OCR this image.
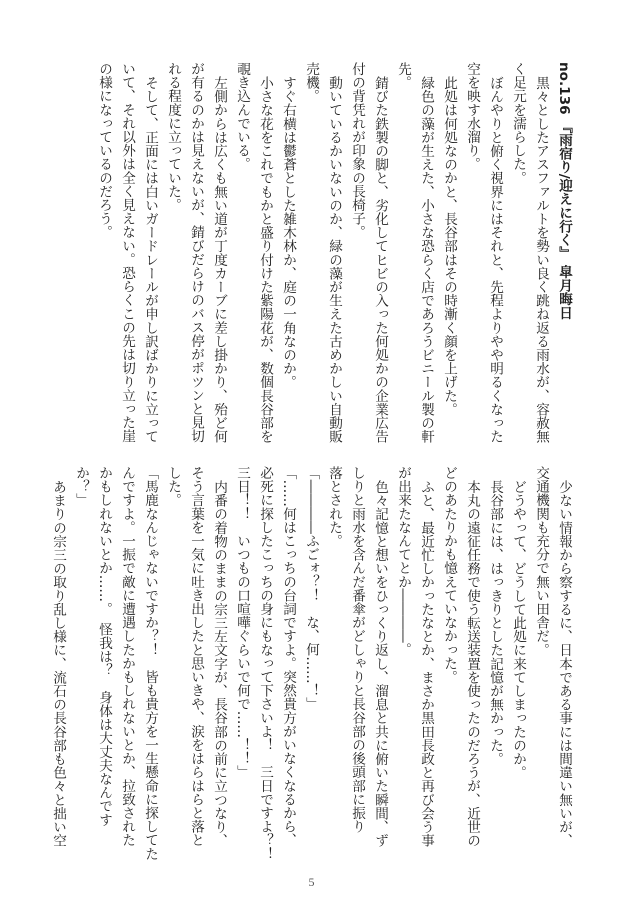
no.136 『雨宿り/迎えに行く』 皐月晦日
黒々としたアスファルトを勢い良く跳ね返る雨水が、容赦無
く足元を濡らした。
ぼんやりと俯く視界にはそれと、先程よりやや明るくなった
空を映す水溜り。
此処は何処なのかと、長谷部はその時漸く顔を上げた。
緑色の藻が生えた、小さな恐らく店であろうビニール製の軒
先。
錆びた鉄製の脚と、劣化してヒビの入った何処かの企業広告
付の背凭れが印象の長椅子。
動いているかいないのか、緑の藻が生えた古めかしい自動販
売機。
すぐ右横は鬱蒼とした雑木林か、庭の一角なのか。
小さな花をこれでもかと盛り付けた紫陽花が、数個長谷部を
覗き込んでいる。
左側からは広くも無い道が丁度カーブに差し掛かり、殆ど何
が有るのかは見えないが、錆びだらけのバス停がポツンと見切
れる程度に立っていた。
そして、正面には白いガードレールが申し訳ばかりに立って
いて、それ以外は全く見えない。恐らくこの先は切り立った崖
の様になっているのだろう。
少ない情報から察するに、日本である事には間違い無いが、
交通機関も充分で無い田舎だ。
どうやって、どうして此処に来てしまったのか。
長谷部には、はっきりとした記憶が無かった。
本丸の遠征任務で使う転送装置を使ったのだろうが、近世の
どのあたりかも憶えていなかった。
ふと、最近忙しかったなとか、まさか黒田長政と再び会う事
が出来たなんてとか――――。
色々記憶と想いをひっくり返し、溜息と共に俯いた瞬間、ず
しりと雨水を含んだ番傘がどしゃりと長谷部の後頭部に振り
落とされた。
「――――ふごォ？！　な、何……！」
「……何はこっちの台詞ですよ。突然貴方がいなくなるから、
必死に探したこっちの身にもなって下さいよ！　三日ですよ？！
三日！！　いつもの口喧嘩ぐらいで何で……！！」
内番の着物のままの宗三左文字が、長谷部の前に立つなり、
そう言葉を一気に吐き出したと思いきや、涙をはらはらと落と
した。
「馬鹿なんじゃないですか？！　皆も貴方を一生懸命に探してた
んですよ。一振で敵に遭遇したかもしれないとか、拉致された
かもしれないとか……。　怪我は？　身体は大丈夫なんです
か？」
あまりの宗三の取り乱し様に、流石の長谷部も色々と拙い空
5
